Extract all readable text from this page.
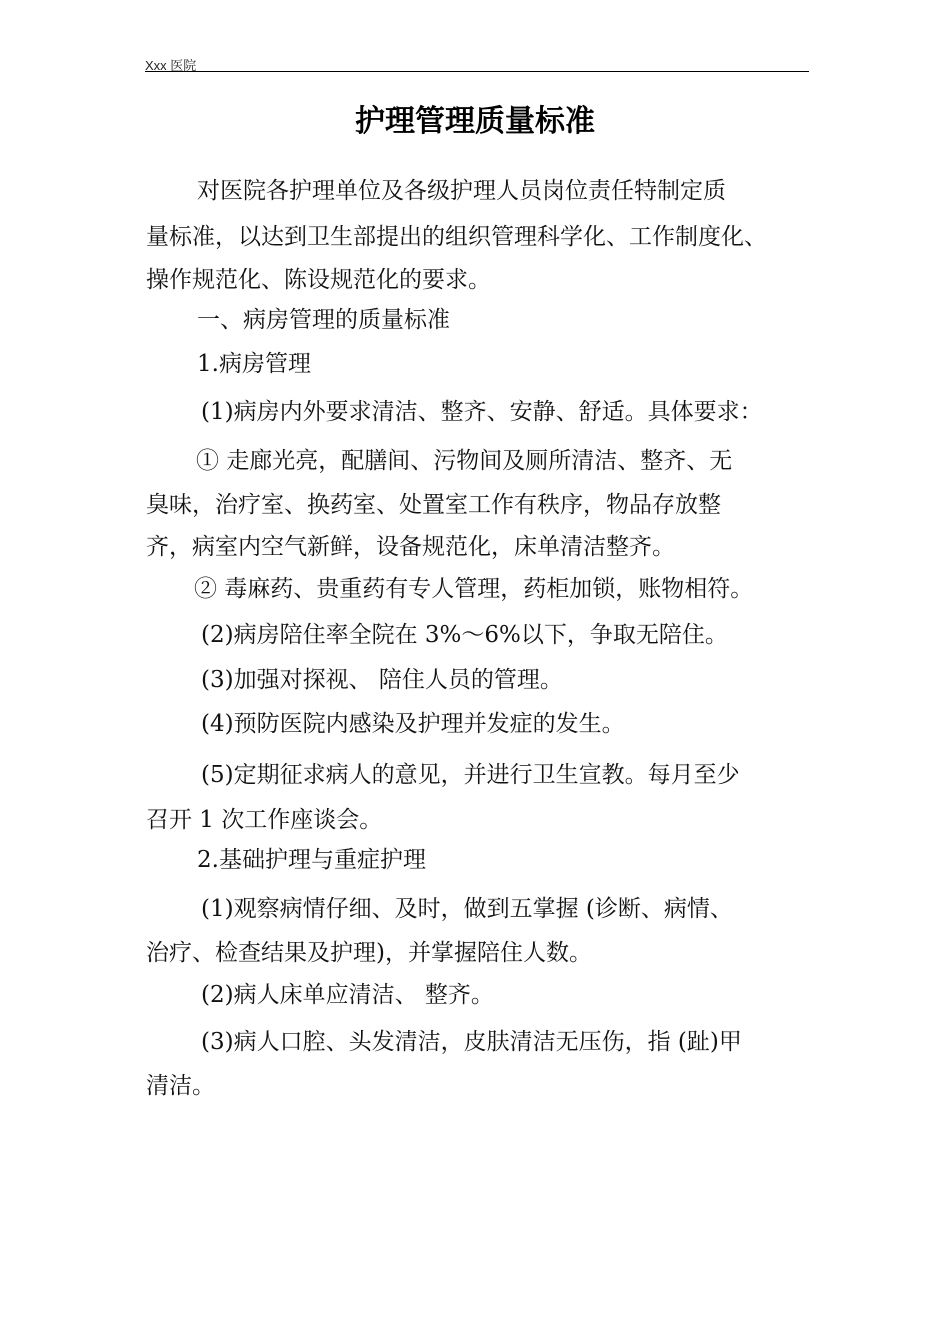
Xxx 医院
护理管理质量标准
对医院各护理单位及各级护理人员岗位责任特制定质
量标准，以达到卫生部提出的组织管理科学化、工作制度化、
操作规范化、陈设规范化的要求。
一、病房管理的质量标准
1.病房管理
(1)病房内外要求清洁、整齐、安静、舒适。具体要求：
① 走廊光亮，配膳间、污物间及厕所清洁、整齐、无
臭味，治疗室、换药室、处置室工作有秩序，物品存放整
齐，病室内空气新鲜，设备规范化，床单清洁整齐。
② 毒麻药、贵重药有专人管理，药柜加锁，账物相符。
(2)病房陪住率全院在 3%～6%以下，争取无陪住。
(3)加强对探视、 陪住人员的管理。
(4)预防医院内感染及护理并发症的发生。
(5)定期征求病人的意见，并进行卫生宣教。每月至少
召开 1 次工作座谈会。
2.基础护理与重症护理
(1)观察病情仔细、及时，做到五掌握 (诊断、病情、
治疗、检查结果及护理)，并掌握陪住人数。
(2)病人床单应清洁、 整齐。
(3)病人口腔、头发清洁，皮肤清洁无压伤，指 (趾)甲
清洁。
